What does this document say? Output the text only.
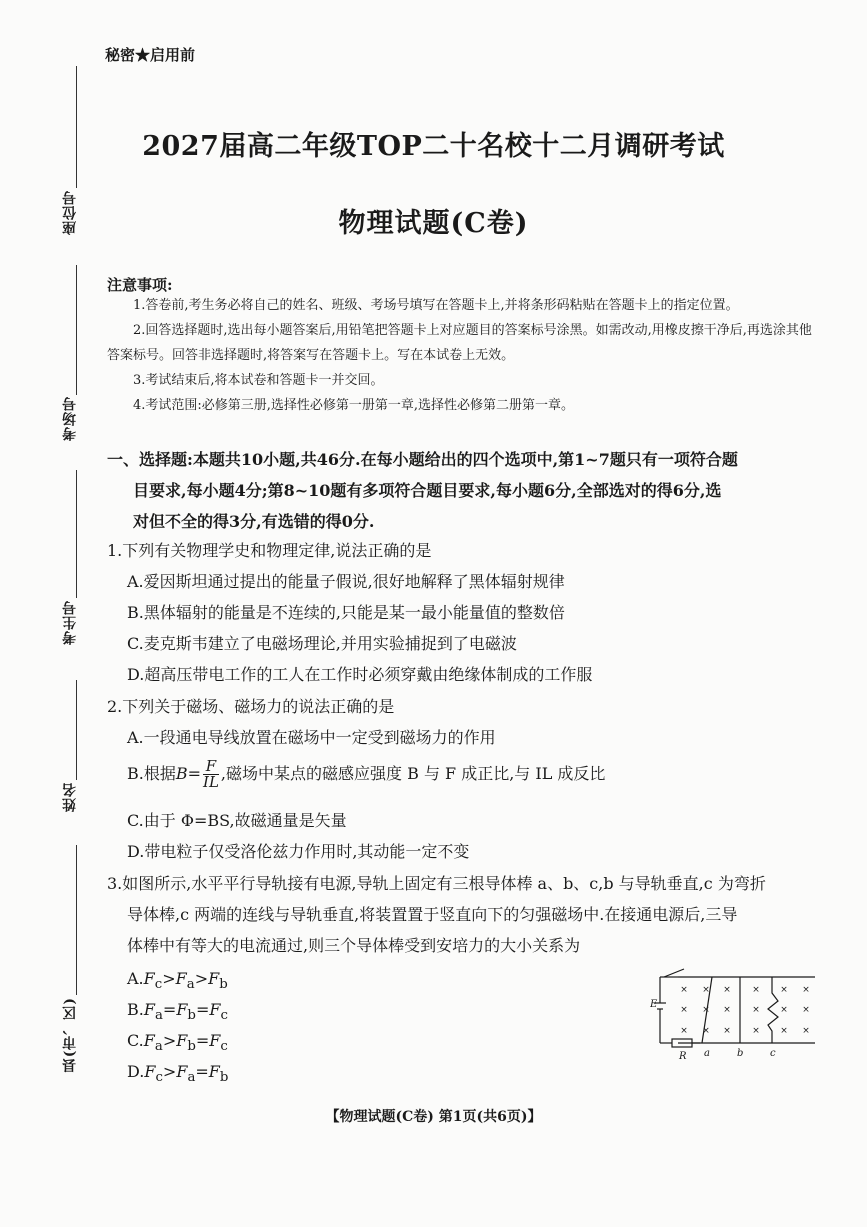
秘密★启用前
2027届高二年级TOP二十名校十二月调研考试
物理试题(C卷)
座位号
考场号
考生号
姓名
县(市、区)
注意事项:

1.答卷前,考生务必将自己的姓名、班级、考场号填写在答题卡上,并将条形码粘贴在答题卡上的指定位置。

2.回答选择题时,选出每小题答案后,用铅笔把答题卡上对应题目的答案标号涂黑。如需改动,用橡皮擦干净后,再选涂其他答案标号。回答非选择题时,将答案写在答题卡上。写在本试卷上无效。

3.考试结束后,将本试卷和答题卡一并交回。

4.考试范围:必修第三册,选择性必修第一册第一章,选择性必修第二册第一章。

一、选择题:本题共10小题,共46分.在每小题给出的四个选项中,第1~7题只有一项符合题
目要求,每小题4分;第8~10题有多项符合题目要求,每小题6分,全部选对的得6分,选
对但不全的得3分,有选错的得0分.
1.下列有关物理学史和物理定律,说法正确的是
A.爱因斯坦通过提出的能量子假说,很好地解释了黑体辐射规律
B.黑体辐射的能量是不连续的,只能是某一最小能量值的整数倍
C.麦克斯韦建立了电磁场理论,并用实验捕捉到了电磁波
D.超高压带电工作的工人在工作时必须穿戴由绝缘体制成的工作服
2.下列关于磁场、磁场力的说法正确的是
A.一段通电导线放置在磁场中一定受到磁场力的作用
B.根据$B= \frac{F}{IL}$ ,磁场中某点的磁感应强度 B 与 F 成正比,与 IL 成反比
C.由于 Φ=BS,故磁通量是矢量
D.带电粒子仅受洛伦兹力作用时,其动能一定不变
3.如图所示,水平平行导轨接有电源,导轨上固定有三根导体棒 a、b、c,b 与导轨垂直,c 为弯折
导体棒,c 两端的连线与导轨垂直,将装置置于竖直向下的匀强磁场中.在接通电源后,三导
体棒中有等大的电流通过,则三个导体棒受到安培力的大小关系为
$A.F_c>F_a>F_b$
$B.F_a=F_b=F_c$
$C.F_a>F_b=F_c$
$D.F_c>F_a=F_b$
× × × × × ×
× × × × × ×
× × × × × ×
E
R a	b	c
【物理试题(C卷) 第1页(共6页)】
